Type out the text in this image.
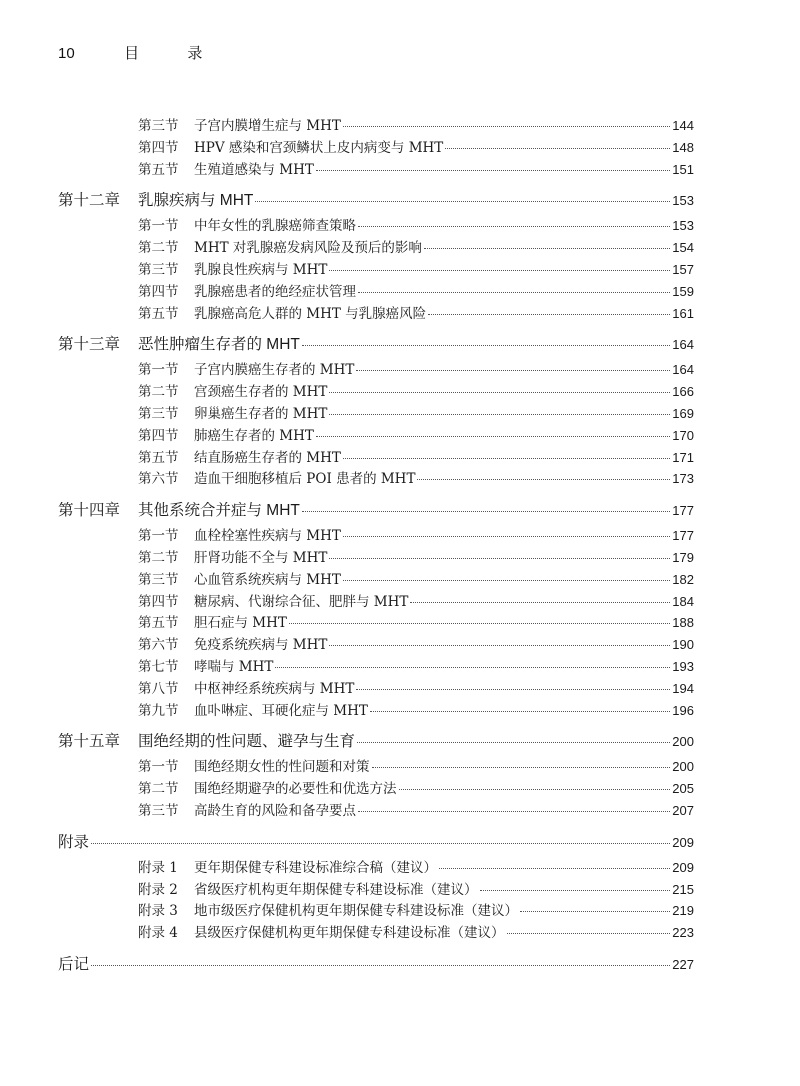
10	目 录
第三节	子宫内膜增生症与 MHT	144
第四节	HPV 感染和宫颈鳞状上皮内病变与 MHT	148
第五节	生殖道感染与 MHT	151
第十二章	乳腺疾病与 MHT	153
第一节	中年女性的乳腺癌筛查策略	153
第二节	MHT 对乳腺癌发病风险及预后的影响	154
第三节	乳腺良性疾病与 MHT	157
第四节	乳腺癌患者的绝经症状管理	159
第五节	乳腺癌高危人群的 MHT 与乳腺癌风险	161
第十三章	恶性肿瘤生存者的 MHT	164
第一节	子宫内膜癌生存者的 MHT	164
第二节	宫颈癌生存者的 MHT	166
第三节	卵巢癌生存者的 MHT	169
第四节	肺癌生存者的 MHT	170
第五节	结直肠癌生存者的 MHT	171
第六节	造血干细胞移植后 POI 患者的 MHT	173
第十四章	其他系统合并症与 MHT	177
第一节	血栓栓塞性疾病与 MHT	177
第二节	肝肾功能不全与 MHT	179
第三节	心血管系统疾病与 MHT	182
第四节	糖尿病、代谢综合征、肥胖与 MHT	184
第五节	胆石症与 MHT	188
第六节	免疫系统疾病与 MHT	190
第七节	哮喘与 MHT	193
第八节	中枢神经系统疾病与 MHT	194
第九节	血卟啉症、耳硬化症与 MHT	196
第十五章	围绝经期的性问题、避孕与生育	200
第一节	围绝经期女性的性问题和对策	200
第二节	围绝经期避孕的必要性和优选方法	205
第三节	高龄生育的风险和备孕要点	207
附录	209
附录 1	更年期保健专科建设标准综合稿（建议）	209
附录 2	省级医疗机构更年期保健专科建设标准（建议）	215
附录 3	地市级医疗保健机构更年期保健专科建设标准（建议）	219
附录 4	县级医疗保健机构更年期保健专科建设标准（建议）	223
后记	227
